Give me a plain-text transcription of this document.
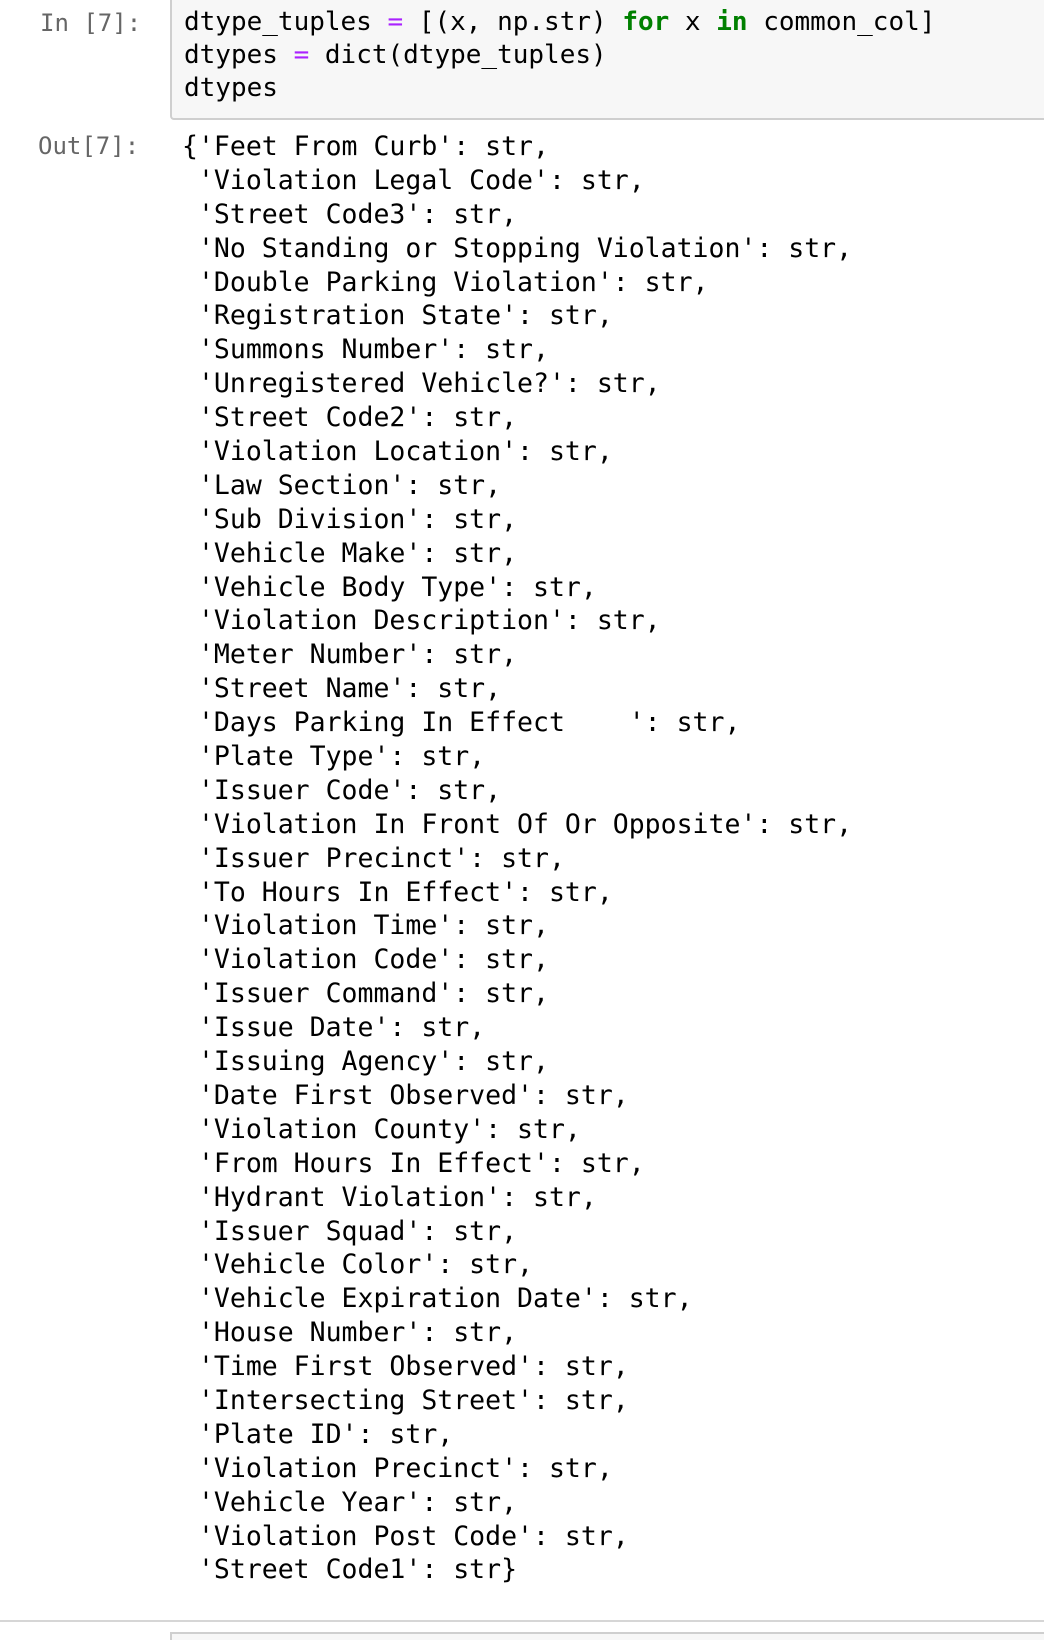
In [7]: dtype_tuples = [(x, np.str) for x in common_col]
dtypes = dict(dtype_tuples)
dtypes
Out[7]: {'Feet From Curb': str,
'Violation Legal Code': str,
'Street Code3': str,
'No Standing or Stopping Violation': str,
'Double Parking Violation': str,
'Registration State': str,
'Summons Number': str,
'Unregistered Vehicle?': str,
'Street Code2': str,
'Violation Location': str,
'Law Section': str,
'Sub Division': str,
'Vehicle Make': str,
'Vehicle Body Type': str,
'Violation Description': str,
'Meter Number': str,
'Street Name': str,
'Days Parking In Effect    ': str,
'Plate Type': str,
'Issuer Code': str,
'Violation In Front Of Or Opposite': str,
'Issuer Precinct': str,
'To Hours In Effect': str,
'Violation Time': str,
'Violation Code': str,
'Issuer Command': str,
'Issue Date': str,
'Issuing Agency': str,
'Date First Observed': str,
'Violation County': str,
'From Hours In Effect': str,
'Hydrant Violation': str,
'Issuer Squad': str,
'Vehicle Color': str,
'Vehicle Expiration Date': str,
'House Number': str,
'Time First Observed': str,
'Intersecting Street': str,
'Plate ID': str,
'Violation Precinct': str,
'Vehicle Year': str,
'Violation Post Code': str,
'Street Code1': str}
